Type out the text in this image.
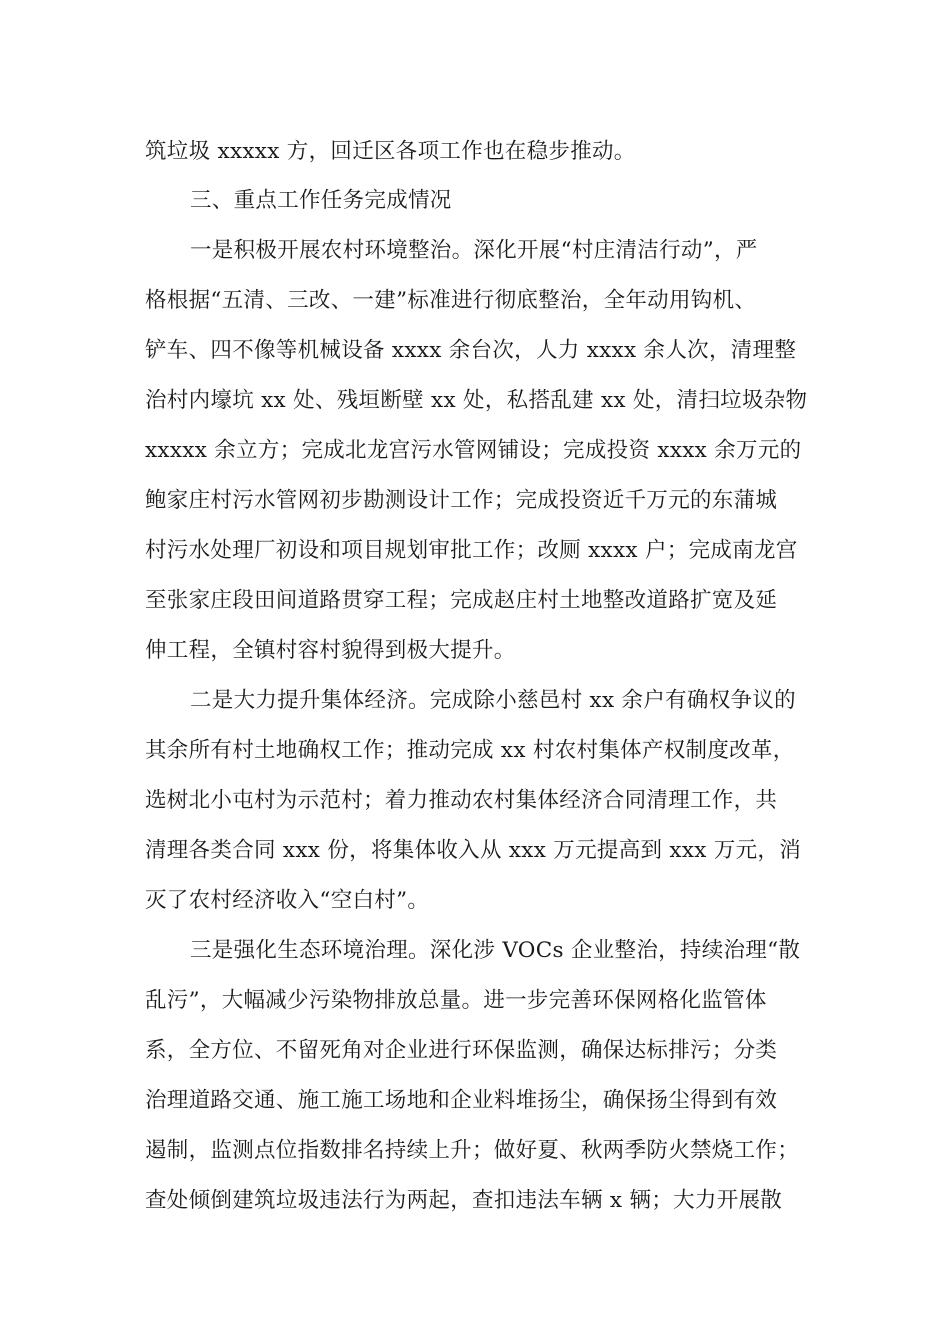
筑垃圾 xxxxx 方，回迁区各项工作也在稳步推动。
三、重点工作任务完成情况
一是积极开展农村环境整治。深化开展“村庄清洁行动”，严
格根据“五清、三改、一建”标准进行彻底整治，全年动用钩机、
铲车、四不像等机械设备 xxxx 余台次，人力 xxxx 余人次，清理整
治村内壕坑 xx 处、残垣断壁 xx 处，私搭乱建 xx 处，清扫垃圾杂物
xxxxx 余立方；完成北龙宫污水管网铺设；完成投资 xxxx 余万元的
鲍家庄村污水管网初步勘测设计工作；完成投资近千万元的东蒲城
村污水处理厂初设和项目规划审批工作；改厕 xxxx 户；完成南龙宫
至张家庄段田间道路贯穿工程；完成赵庄村土地整改道路扩宽及延
伸工程，全镇村容村貌得到极大提升。
二是大力提升集体经济。完成除小慈邑村 xx 余户有确权争议的
其余所有村土地确权工作；推动完成 xx 村农村集体产权制度改革，
选树北小屯村为示范村；着力推动农村集体经济合同清理工作，共
清理各类合同 xxx 份，将集体收入从 xxx 万元提高到 xxx 万元，消
灭了农村经济收入“空白村”。
三是强化生态环境治理。深化涉 VOCs 企业整治，持续治理“散
乱污”，大幅减少污染物排放总量。进一步完善环保网格化监管体
系，全方位、不留死角对企业进行环保监测，确保达标排污；分类
治理道路交通、施工施工场地和企业料堆扬尘，确保扬尘得到有效
遏制，监测点位指数排名持续上升；做好夏、秋两季防火禁烧工作；
查处倾倒建筑垃圾违法行为两起，查扣违法车辆 x 辆；大力开展散
